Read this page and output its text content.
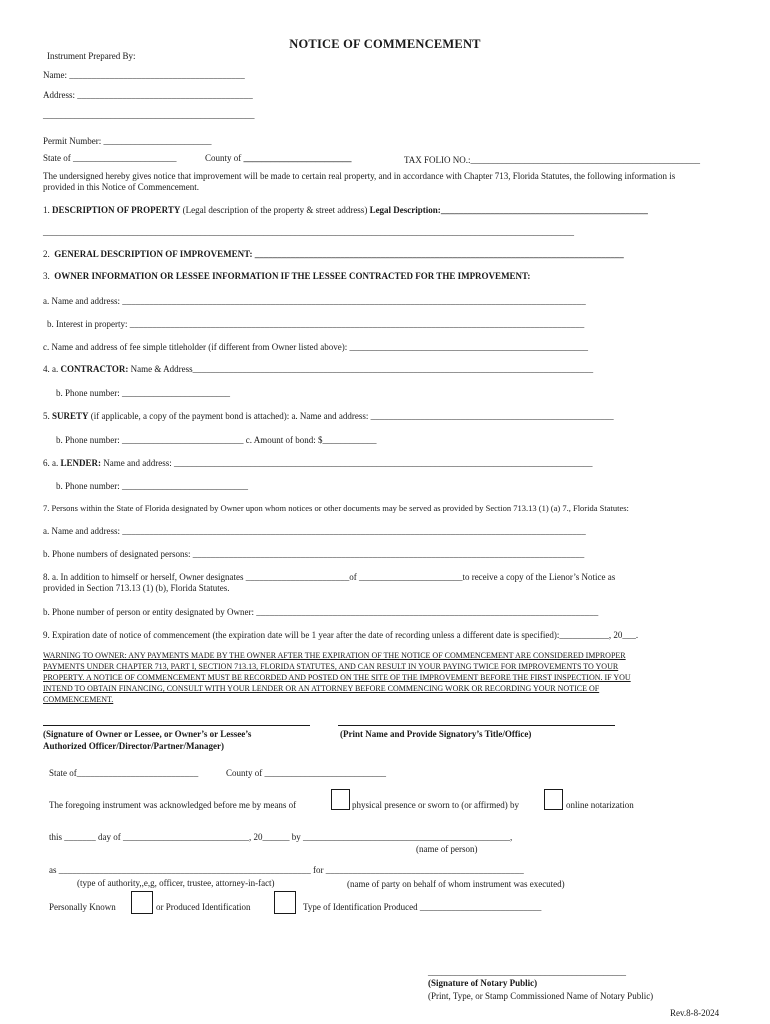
NOTICE OF COMMENCEMENT
Instrument Prepared By:
Name: _______________________________________
Address: _______________________________________
_______________________________________________
Permit Number: ________________________
State of _______________________	County of ________________________	TAX FOLIO NO.:___________________________________________________
The undersigned hereby gives notice that improvement will be made to certain real property, and in accordance with Chapter 713, Florida Statutes, the following information is
provided in this Notice of Commencement.
1. DESCRIPTION OF PROPERTY (Legal description of the property & street address) Legal Description:______________________________________________
______________________________________________________________________________________________________________________
2. GENERAL DESCRIPTION OF IMPROVEMENT: __________________________________________________________________________________
3. OWNER INFORMATION OR LESSEE INFORMATION IF THE LESSEE CONTRACTED FOR THE IMPROVEMENT:
a. Name and address: _______________________________________________________________________________________________________
b. Interest in property: _____________________________________________________________________________________________________
c. Name and address of fee simple titleholder (if different from Owner listed above): _____________________________________________________
4. a. CONTRACTOR: Name & Address_________________________________________________________________________________________
b. Phone number: ________________________
5. SURETY (if applicable, a copy of the payment bond is attached): a. Name and address: ______________________________________________________
b. Phone number: ___________________________ c. Amount of bond: $____________
6. a. LENDER: Name and address: _____________________________________________________________________________________________
b. Phone number: ____________________________
7. Persons within the State of Florida designated by Owner upon whom notices or other documents may be served as provided by Section 713.13 (1) (a) 7., Florida Statutes:
a. Name and address: _______________________________________________________________________________________________________
b. Phone numbers of designated persons: _______________________________________________________________________________________
8. a. In addition to himself or herself, Owner designates _______________________of _______________________to receive a copy of the Lienor’s Notice as
provided in Section 713.13 (1) (b), Florida Statutes.
b. Phone number of person or entity designated by Owner: ____________________________________________________________________________
9. Expiration date of notice of commencement (the expiration date will be 1 year after the date of recording unless a different date is specified):___________, 20___.
WARNING TO OWNER: ANY PAYMENTS MADE BY THE OWNER AFTER THE EXPIRATION OF THE NOTICE OF COMMENCEMENT ARE CONSIDERED IMPROPER
PAYMENTS UNDER CHAPTER 713, PART I, SECTION 713.13, FLORIDA STATUTES, AND CAN RESULT IN YOUR PAYING TWICE FOR IMPROVEMENTS TO YOUR
PROPERTY. A NOTICE OF COMMENCEMENT MUST BE RECORDED AND POSTED ON THE SITE OF THE IMPROVEMENT BEFORE THE FIRST INSPECTION. IF YOU
INTEND TO OBTAIN FINANCING, CONSULT WITH YOUR LENDER OR AN ATTORNEY BEFORE COMMENCING WORK OR RECORDING YOUR NOTICE OF
COMMENCEMENT.
(Signature of Owner or Lessee, or Owner’s or Lessee’s
Authorized Officer/Director/Partner/Manager)
(Print Name and Provide Signatory’s Title/Office)
State of___________________________	County of ___________________________
The foregoing instrument was acknowledged before me by means of	physical presence or sworn to (or affirmed) by	online notarization
this _______ day of ____________________________, 20______ by ______________________________________________,
(name of person)
as ________________________________________________________ for ____________________________________________
(type of authority,,e,g, officer, trustee, attorney-in-fact)	(name of party on behalf of whom instrument was executed)
Personally Known	or Produced Identification	Type of Identification Produced ___________________________
____________________________________________
(Signature of Notary Public)
(Print, Type, or Stamp Commissioned Name of Notary Public)
Rev.8-8-2024
